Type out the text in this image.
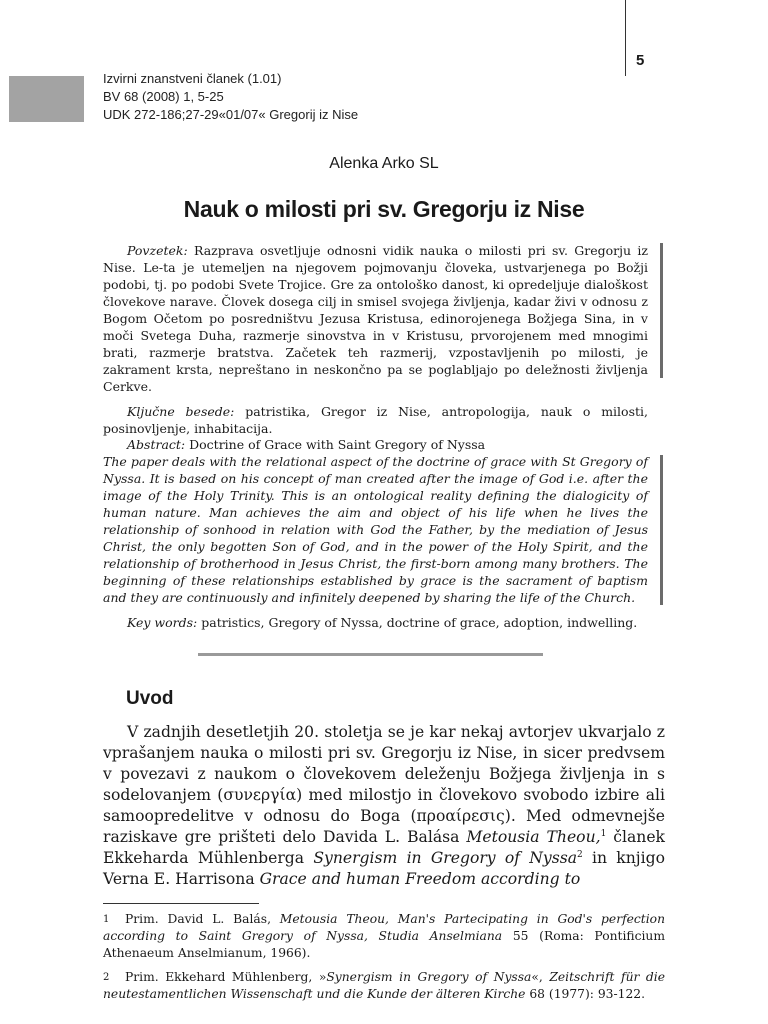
5
Izvirni znanstveni članek (1.01)
BV 68 (2008) 1, 5-25
UDK 272-186;27-29«01/07« Gregorij iz Nise
Alenka Arko SL
Nauk o milosti pri sv. Gregorju iz Nise

Povzetek: Razprava osvetljuje odnosni vidik nauka o milosti pri sv. Gregorju iz Nise. Le-ta je utemeljen na njegovem pojmovanju človeka, ustvarjenega po Božji podobi, tj. po podobi Svete Trojice. Gre za ontološko danost, ki opredeljuje dialoškost človekove narave. Človek dosega cilj in smisel svojega življenja, kadar živi v odnosu z Bogom Očetom po posredništvu Jezusa Kristusa, edinorojenega Božjega Sina, in v moči Svetega Duha, razmerje sinovstva in v Kristusu, prvorojenem med mnogimi brati, razmerje bratstva. Začetek teh razmerij, vzpostavljenih po milosti, je zakrament krsta, nepreštano in neskončno pa se poglabljajo po deležnosti življenja Cerkve.

Ključne besede: patristika, Gregor iz Nise, antropologija, nauk o milosti, posinovljenje, inhabitacija.

Abstract: Doctrine of Grace with Saint Gregory of Nyssa

The paper deals with the relational aspect of the doctrine of grace with St Gregory of Nyssa. It is based on his concept of man created after the image of God i.e. after the image of the Holy Trinity. This is an ontological reality defining the dialogicity of human nature. Man achieves the aim and object of his life when he lives the relationship of sonhood in relation with God the Father, by the mediation of Jesus Christ, the only begotten Son of God, and in the power of the Holy Spirit, and the relationship of brotherhood in Jesus Christ, the first-born among many brothers. The beginning of these relationships established by grace is the sacrament of baptism and they are continuously and infinitely deepened by sharing the life of the Church.

Key words: patristics, Gregory of Nyssa, doctrine of grace, adoption, indwelling.

Uvod

V zadnjih desetletjih 20. stoletja se je kar nekaj avtorjev ukvarjalo z vprašanjem nauka o milosti pri sv. Gregorju iz Nise, in sicer predvsem v povezavi z naukom o človekovem deleženju Božjega življenja in s sodelovanjem (συνεργία) med milostjo in človekovo svobodo izbire ali samoopredelitve v odnosu do Boga (προαίρεσις). Med odmevnejše raziskave gre prišteti delo Davida L. Balása Metousia Theou,$^1$ članek Ekkeharda Mühlenberga Synergism in Gregory of Nyssa$^2$ in knjigo Verna E. Harrisona Grace and human Freedom according to

1 Prim. David L. Balás, Metousia Theou, Man's Partecipating in God's perfection according to Saint Gregory of Nyssa, Studia Anselmiana 55 (Roma: Pontificium Athenaeum Anselmianum, 1966).

2 Prim. Ekkehard Mühlenberg, »Synergism in Gregory of Nyssa«, Zeitschrift für die neutestamentlichen Wissenschaft und die Kunde der älteren Kirche 68 (1977): 93-122.
